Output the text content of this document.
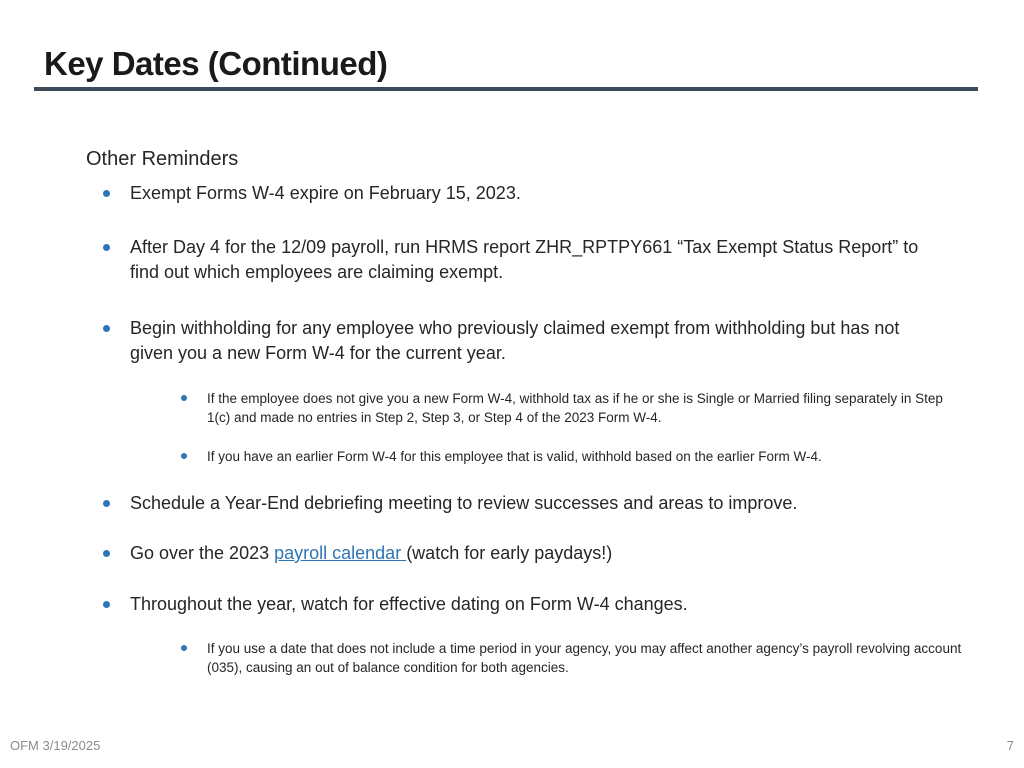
Key Dates (Continued)
Other Reminders
Exempt Forms W-4 expire on February 15, 2023.
After Day 4 for the 12/09 payroll, run HRMS report ZHR_RPTPY661 “Tax Exempt Status Report” to find out which employees are claiming exempt.
Begin withholding for any employee who previously claimed exempt from withholding but has not given you a new Form W-4 for the current year.
If the employee does not give you a new Form W-4, withhold tax as if he or she is Single or Married filing separately in Step 1(c) and made no entries in Step 2, Step 3, or Step 4 of the 2023 Form W-4.
If you have an earlier Form W-4 for this employee that is valid, withhold based on the earlier Form W-4.
Schedule a Year-End debriefing meeting to review successes and areas to improve.
Go over the 2023 payroll calendar (watch for early paydays!)
Throughout the year, watch for effective dating on Form W-4 changes.
If you use a date that does not include a time period in your agency, you may affect another agency’s payroll revolving account (035), causing an out of balance condition for both agencies.
OFM 3/19/2025	7
